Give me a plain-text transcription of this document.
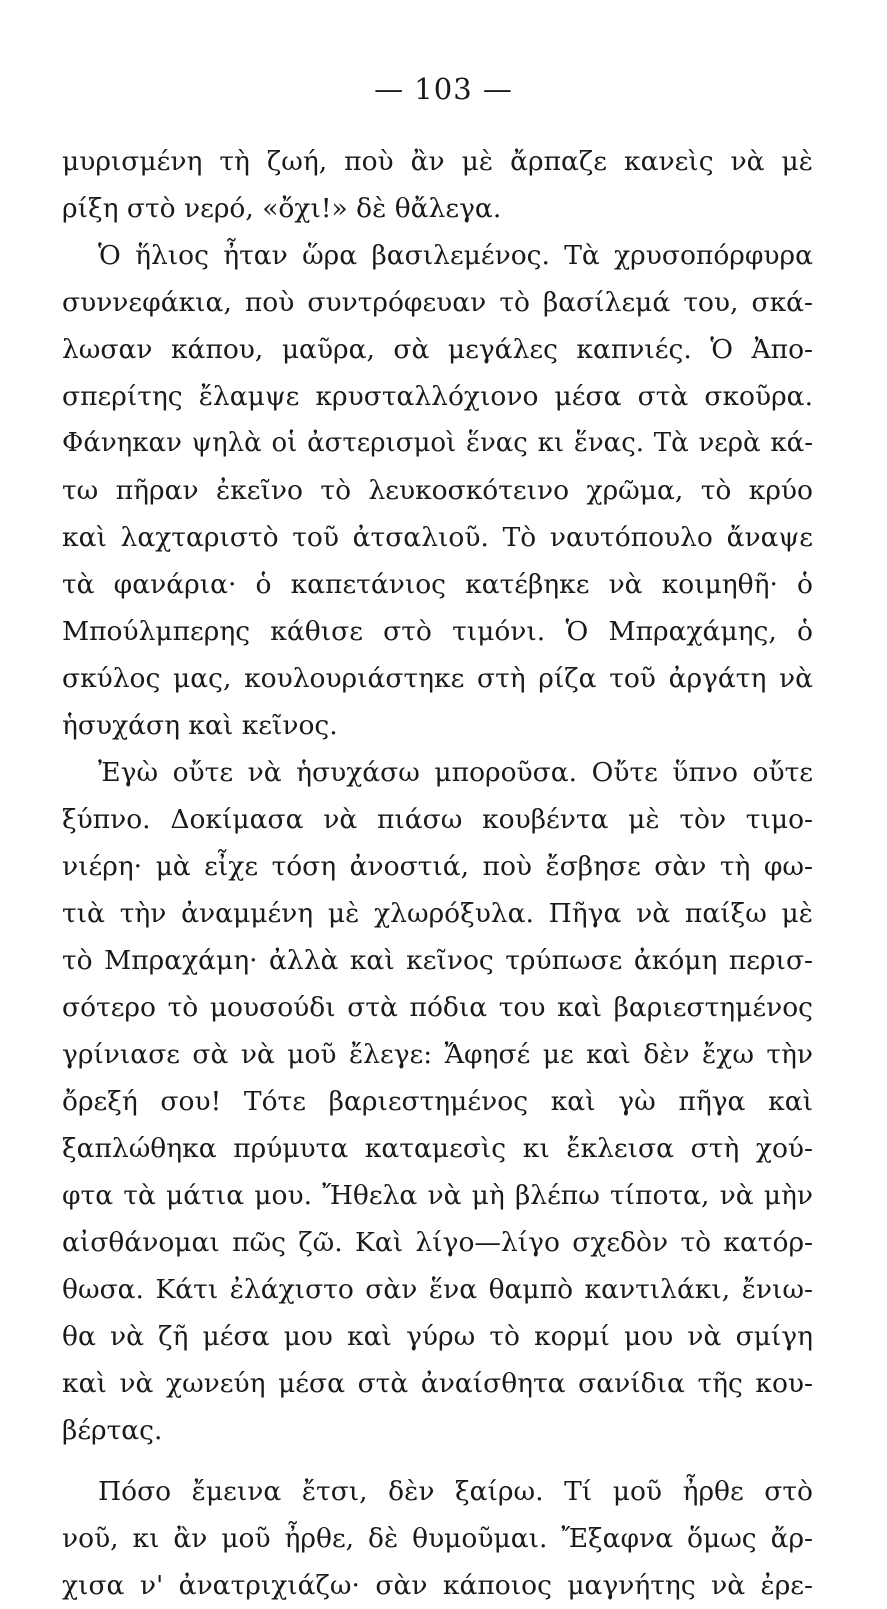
— 103 —
μυρισμένη τὴ ζωή, ποὺ ἂν μὲ ἄρπαζε κανεὶς νὰ μὲ
ρίξη στὸ νερό, «ὄχι!» δὲ θἄλεγα.
Ὁ ἥλιος ἦταν ὥρα βασιλεμένος. Τὰ χρυσοπόρφυρα
συννεφάκια, ποὺ συντρόφευαν τὸ βασίλεμά του, σκά-
λωσαν κάπου, μαῦρα, σὰ μεγάλες καπνιές. Ὁ Ἀπο-
σπερίτης ἔλαμψε κρυσταλλόχιονο μέσα στὰ σκοῦρα.
Φάνηκαν ψηλὰ οἱ ἀστερισμοὶ ἕνας κι ἕνας. Τὰ νερὰ κά-
τω πῆραν ἐκεῖνο τὸ λευκοσκότεινο χρῶμα, τὸ κρύο
καὶ λαχταριστὸ τοῦ ἀτσαλιοῦ. Τὸ ναυτόπουλο ἄναψε
τὰ φανάρια· ὁ καπετάνιος κατέβηκε νὰ κοιμηθῆ· ὁ
Μπούλμπερης κάθισε στὸ τιμόνι. Ὁ Μπραχάμης, ὁ
σκύλος μας, κουλουριάστηκε στὴ ρίζα τοῦ ἀργάτη νὰ
ἡσυχάση καὶ κεῖνος.
Ἐγὼ οὔτε νὰ ἡσυχάσω μποροῦσα. Οὔτε ὕπνο οὔτε
ξύπνο. Δοκίμασα νὰ πιάσω κουβέντα μὲ τὸν τιμο-
νιέρη· μὰ εἶχε τόση ἀνοστιά, ποὺ ἔσβησε σὰν τὴ φω-
τιὰ τὴν ἀναμμένη μὲ χλωρόξυλα. Πῆγα νὰ παίξω μὲ
τὸ Μπραχάμη· ἀλλὰ καὶ κεῖνος τρύπωσε ἀκόμη περισ-
σότερο τὸ μουσούδι στὰ πόδια του καὶ βαριεστημένος
γρίνιασε σὰ νὰ μοῦ ἔλεγε: Ἄφησέ με καὶ δὲν ἔχω τὴν
ὄρεξή σου! Τότε βαριεστημένος καὶ γὼ πῆγα καὶ
ξαπλώθηκα πρύμυτα καταμεσὶς κι ἔκλεισα στὴ χού-
φτα τὰ μάτια μου. Ἤθελα νὰ μὴ βλέπω τίποτα, νὰ μὴν
αἰσθάνομαι πῶς ζῶ. Καὶ λίγο—λίγο σχεδὸν τὸ κατόρ-
θωσα. Κάτι ἐλάχιστο σὰν ἕνα θαμπὸ καντιλάκι, ἔνιω-
θα νὰ ζῆ μέσα μου καὶ γύρω τὸ κορμί μου νὰ σμίγη
καὶ νὰ χωνεύη μέσα στὰ ἀναίσθητα σανίδια τῆς κου-
βέρτας.
Πόσο ἔμεινα ἔτσι, δὲν ξαίρω. Τί μοῦ ἦρθε στὸ
νοῦ, κι ἂν μοῦ ἦρθε, δὲ θυμοῦμαι. Ἔξαφνα ὅμως ἄρ-
χισα ν' ἀνατριχιάζω· σὰν κάποιος μαγνήτης νὰ ἐρε-
